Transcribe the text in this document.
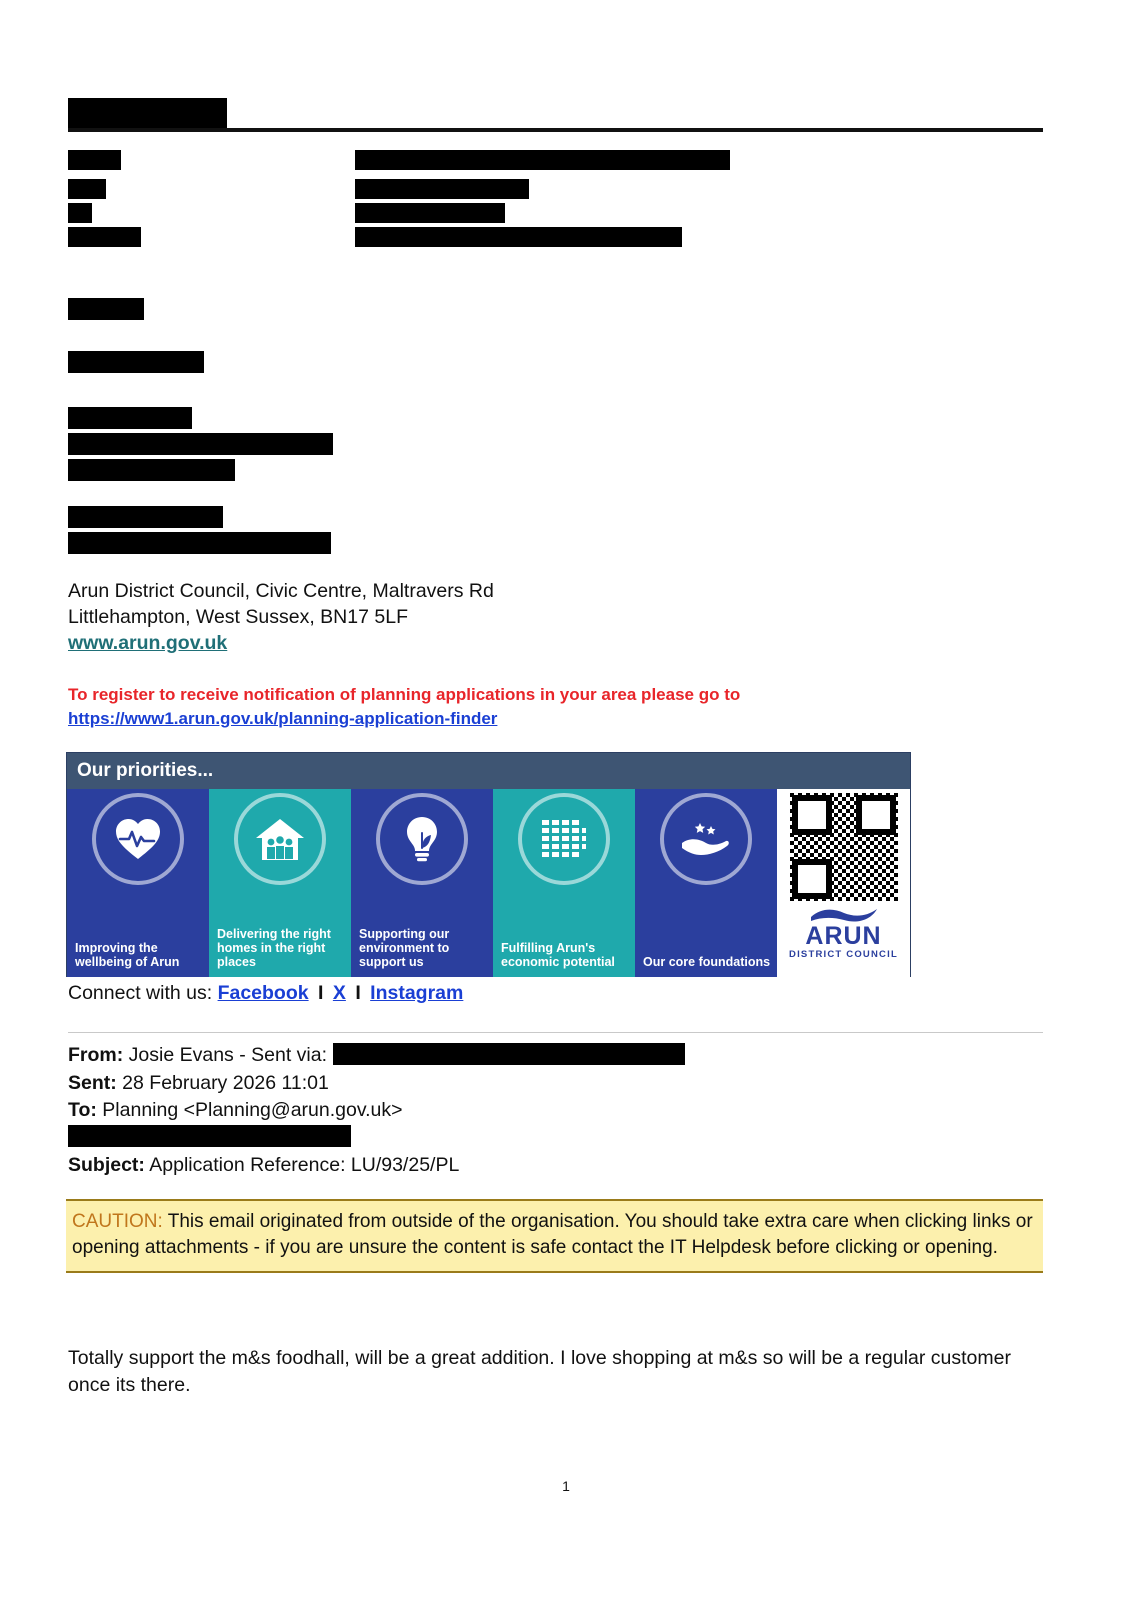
Arun District Council, Civic Centre, Maltravers Rd
Littlehampton, West Sussex, BN17 5LF
www.arun.gov.uk
To register to receive notification of planning applications in your area please go to
https://www1.arun.gov.uk/planning-application-finder
Our priorities...
Improving the wellbeing of Arun
Delivering the right homes in the right places
Supporting our environment to support us
Fulfilling Arun's economic potential	Our core foundations
ARUN
DISTRICT COUNCIL
Connect with us: Facebook I X I Instagram
From: Josie Evans - Sent via:
Sent: 28 February 2026 11:01
To: Planning <Planning@arun.gov.uk>

Subject: Application Reference: LU/93/25/PL
CAUTION: This email originated from outside of the organisation. You should take extra care when clicking links or opening attachments - if you are unsure the content is safe contact the IT Helpdesk before clicking or opening.
Totally support the m&s foodhall, will be a great addition. I love shopping at m&s so will be a regular customer once its there.
1
